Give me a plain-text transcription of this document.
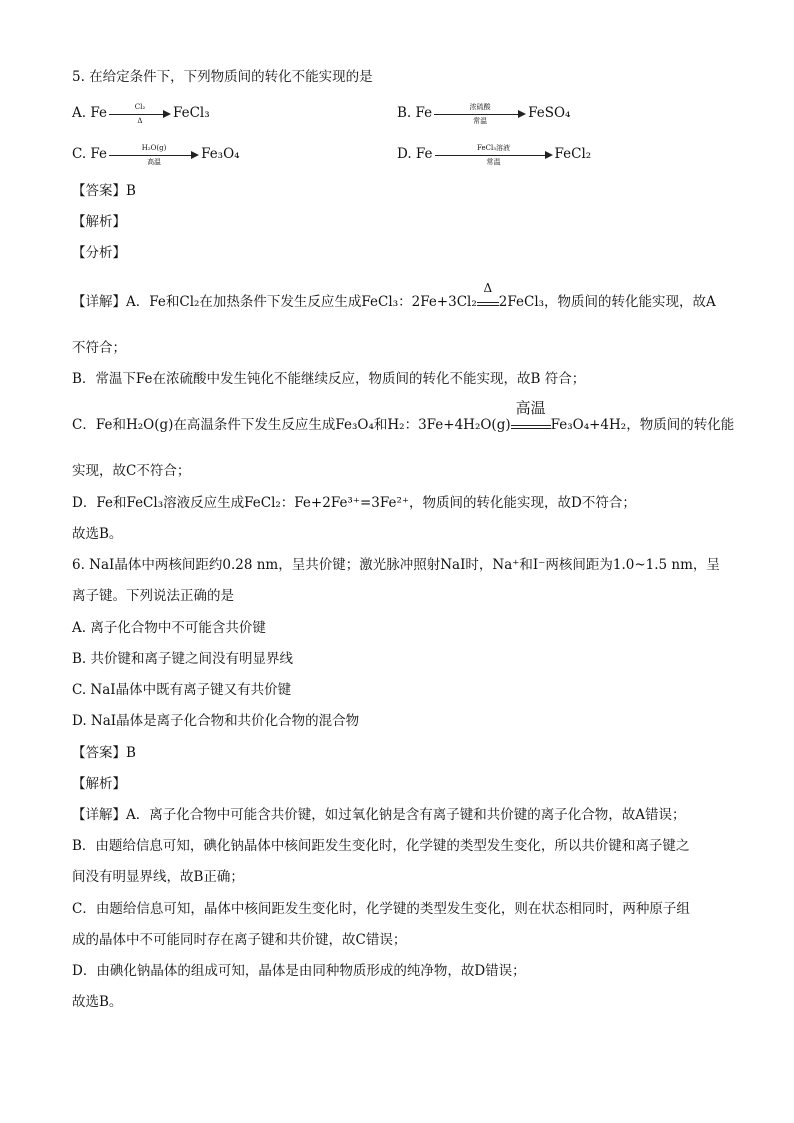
5. 在给定条件下，下列物质间的转化不能实现的是
A. Fe $\frac{\text{Cl₂}}{\Delta}$ FeCl₃	B. Fe	浓硫酸
常温	FeSO₄
C. Fe	H₂O(g)
高温	Fe₃O₄	D. Fe	FeCl₃溶液
常温	FeCl₂
【答案】B
【解析】
【分析】
【详解】A．Fe和Cl₂在加热条件下发生反应生成FeCl₃：2Fe+3Cl₂
Δ
2FeCl₃，物质间的转化能实现，故A
不符合；
B．常温下Fe在浓硫酸中发生钝化不能继续反应，物质间的转化不能实现，故B 符合；
C．Fe和H₂O(g)在高温条件下发生反应生成Fe₃O₄和H₂：3Fe+4H₂O(g)
高温
Fe₃O₄+4H₂，物质间的转化能
实现，故C不符合；
D．Fe和FeCl₃溶液反应生成FeCl₂：Fe+2Fe³⁺=3Fe²⁺，物质间的转化能实现，故D不符合；
故选B。
6. NaI晶体中两核间距约0.28 nm，呈共价键；激光脉冲照射NaI时，Na⁺和I⁻两核间距为1.0~1.5 nm，呈
离子键。下列说法正确的是
A. 离子化合物中不可能含共价键
B. 共价键和离子键之间没有明显界线
C. NaI晶体中既有离子键又有共价键
D. NaI晶体是离子化合物和共价化合物的混合物
【答案】B
【解析】
【详解】A．离子化合物中可能含共价键，如过氧化钠是含有离子键和共价键的离子化合物，故A错误；
B．由题给信息可知，碘化钠晶体中核间距发生变化时，化学键的类型发生变化，所以共价键和离子键之
间没有明显界线，故B正确；
C．由题给信息可知，晶体中核间距发生变化时，化学键的类型发生变化，则在状态相同时，两种原子组
成的晶体中不可能同时存在离子键和共价键，故C错误；
D．由碘化钠晶体的组成可知，晶体是由同种物质形成的纯净物，故D错误；
故选B。
